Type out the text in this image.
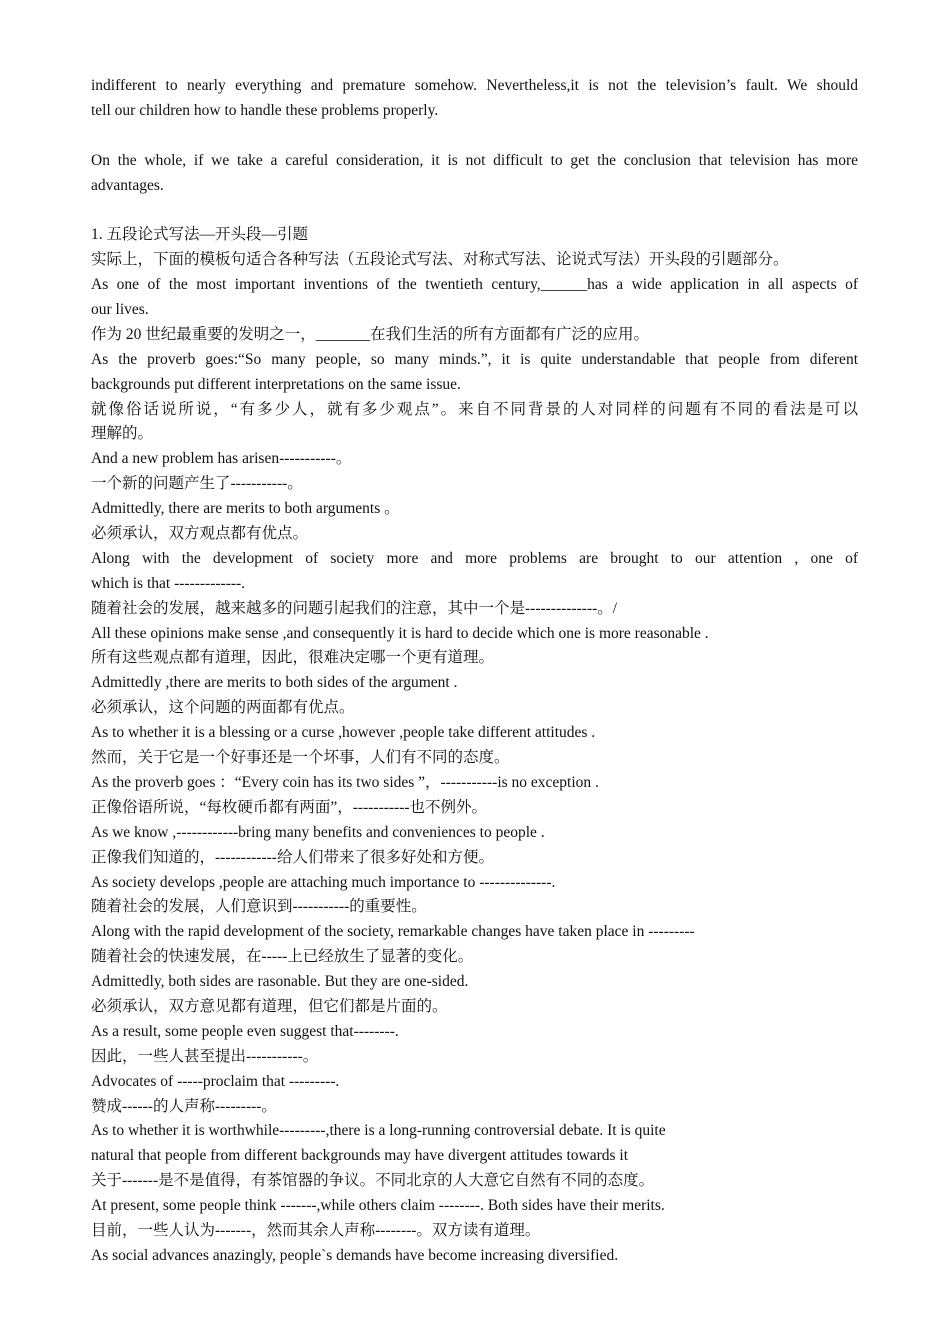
indifferent to nearly everything and premature somehow. Nevertheless,it is not the television’s fault. We should
tell our children how to handle these problems properly.
On the whole, if we take a careful consideration, it is not difficult to get the conclusion that television has more
advantages.
1. 五段论式写法—开头段—引题
实际上，下面的模板句适合各种写法（五段论式写法、对称式写法、论说式写法）开头段的引题部分。
As one of the most important inventions of the twentieth century,______has a wide application in all aspects of
our lives.
作为 20 世纪最重要的发明之一，_______在我们生活的所有方面都有广泛的应用。
As the proverb goes:“So many people, so many minds.”, it is quite understandable that people from diferent
backgrounds put different interpretations on the same issue.
就像俗话说所说，“有多少人，就有多少观点”。来自不同背景的人对同样的问题有不同的看法是可以
理解的。
And a new problem has arisen-----------。
一个新的问题产生了-----------。
Admittedly, there are merits to both arguments 。
必须承认，双方观点都有优点。
Along with the development of society more and more problems are brought to our attention , one of
which is that -------------.
随着社会的发展，越来越多的问题引起我们的注意，其中一个是--------------。/
All these opinions make sense ,and consequently it is hard to decide which one is more reasonable .
所有这些观点都有道理，因此，很难决定哪一个更有道理。
Admittedly ,there are merits to both sides of the argument .
必须承认，这个问题的两面都有优点。
As to whether it is a blessing or a curse ,however ,people take different attitudes .
然而，关于它是一个好事还是一个坏事，人们有不同的态度。
As the proverb goes ：“Every coin has its two sides ”，-----------is no exception .
正像俗语所说，“每枚硬币都有两面”，-----------也不例外。
As we know ,------------bring many benefits and conveniences to people .
正像我们知道的，------------给人们带来了很多好处和方便。
As society develops ,people are attaching much importance to --------------.
随着社会的发展，人们意识到-----------的重要性。
Along with the rapid development of the society, remarkable changes have taken place in ---------
随着社会的快速发展，在-----上已经放生了显著的变化。
Admittedly, both sides are rasonable. But they are one-sided.
必须承认，双方意见都有道理，但它们都是片面的。
As a result, some people even suggest that--------.
因此，一些人甚至提出-----------。
Advocates of -----proclaim that ---------.
赞成------的人声称---------。
As to whether it is worthwhile---------,there is a long-running controversial debate. It is quite
natural that people from different backgrounds may have divergent attitudes towards it
关于-------是不是值得，有茶馆器的争议。不同北京的人大意它自然有不同的态度。
At present, some people think -------,while others claim --------. Both sides have their merits.
目前，一些人认为-------，然而其余人声称--------。双方读有道理。
As social advances anazingly, people`s demands have become increasing diversified.
